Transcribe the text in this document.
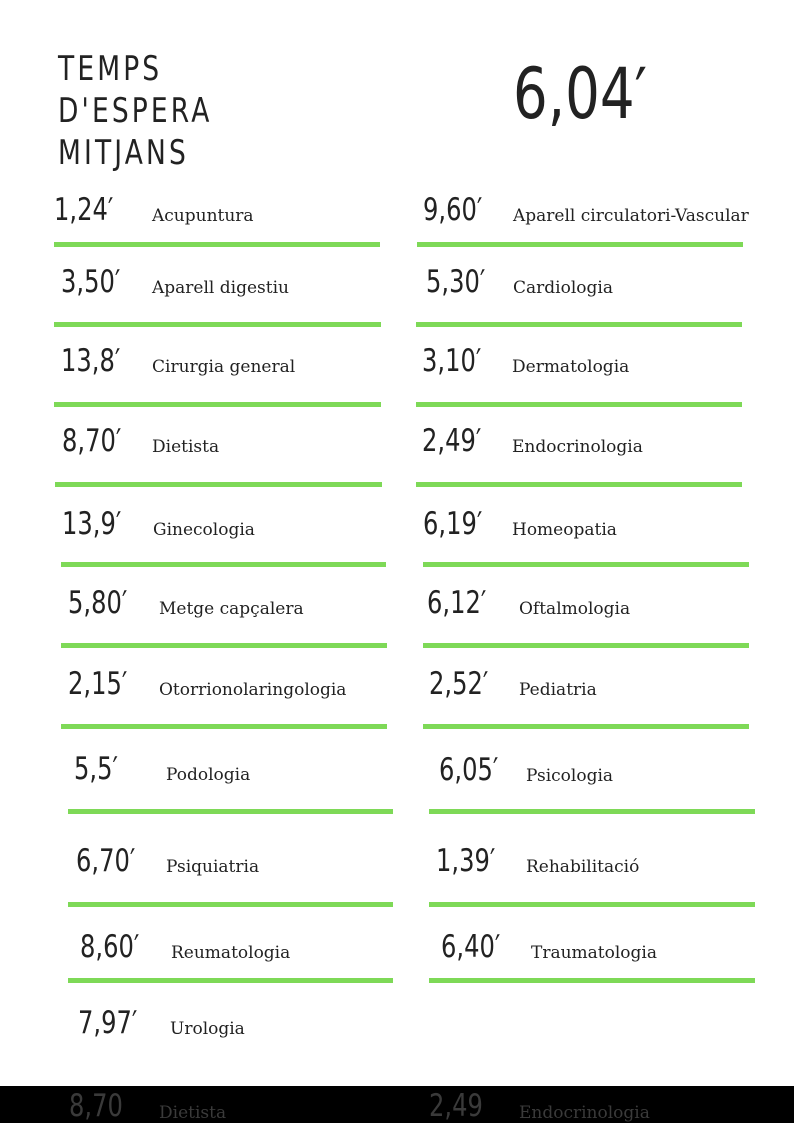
TEMPS D'ESPERA MITJANS
6,04′
1,24′ Acupuntura
3,50′ Aparell digestiu
13,8′ Cirurgia general
8,70′ Dietista
13,9′ Ginecologia
5,80′ Metge capçalera
2,15′ Otorrionolaringologia
5,5′	Podologia
6,70′ Psiquiatria
8,60′ Reumatologia
7,97′ Urologia
9,60′ Aparell circulatori-Vascular
5,30′ Cardiologia
3,10′ Dermatologia
2,49′ Endocrinologia
6,19′ Homeopatia
6,12′ Oftalmologia
2,52′ Pediatria
6,05′ Psicologia
1,39′ Rehabilitació
6,40′ Traumatologia
8,70 Dietista	2,49 Endocrinologia
